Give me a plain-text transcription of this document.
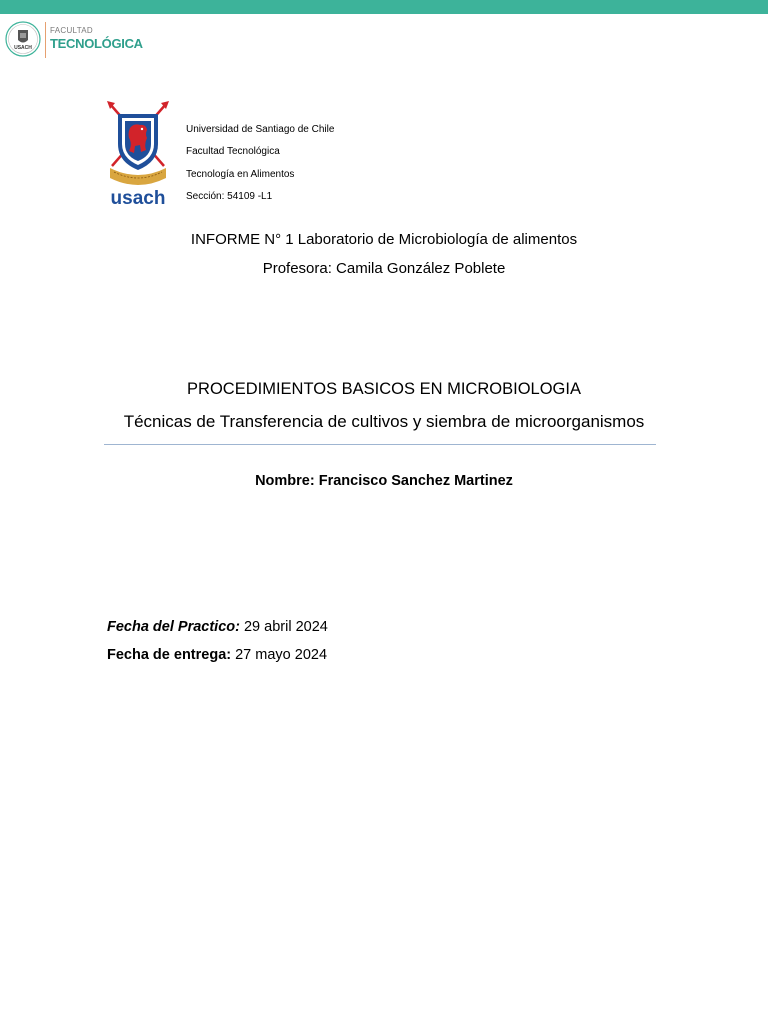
USACH
FACULTAD
TECNOLÓGICA
usach
Universidad de Santiago de Chile
Facultad Tecnológica
Tecnología en Alimentos
Sección: 54109 -L1
INFORME N° 1 Laboratorio de Microbiología de alimentos
Profesora: Camila González Poblete
PROCEDIMIENTOS BASICOS EN MICROBIOLOGIA
Técnicas de Transferencia de cultivos y siembra de microorganismos
Nombre: Francisco Sanchez Martinez
Fecha del Practico: 29 abril 2024
Fecha de entrega: 27 mayo 2024
